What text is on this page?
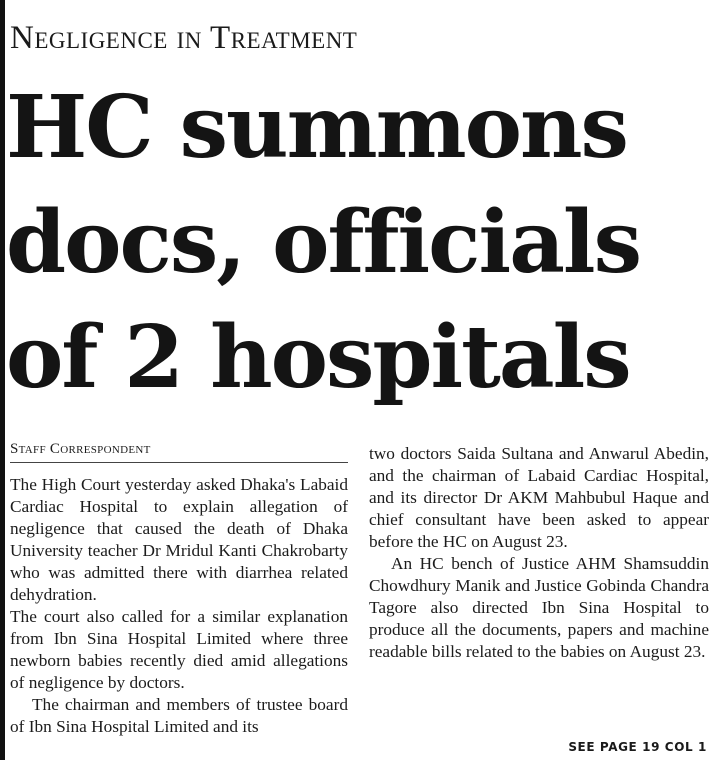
Negligence in Treatment
HC summons
docs, officials
of 2 hospitals
Staff Correspondent

The High Court yesterday asked Dhaka's Labaid Cardiac Hospital to explain allegation of negligence that caused the death of Dhaka University teacher Dr Mridul Kanti Chakrobarty who was admitted there with diarrhea related dehydration.

The court also called for a similar explanation from Ibn Sina Hospital Limited where three newborn babies recently died amid allegations of negligence by doctors.

The chairman and members of trustee board of Ibn Sina Hospital Limited and its

two doctors Saida Sultana and Anwarul Abedin, and the chairman of Labaid Cardiac Hospital, and its director Dr AKM Mahbubul Haque and chief consultant have been asked to appear before the HC on August 23.

An HC bench of Justice AHM Shamsuddin Chowdhury Manik and Justice Gobinda Chandra Tagore also directed Ibn Sina Hospital to produce all the documents, papers and machine readable bills related to the babies on August 23.

SEE PAGE 19 COL 1
